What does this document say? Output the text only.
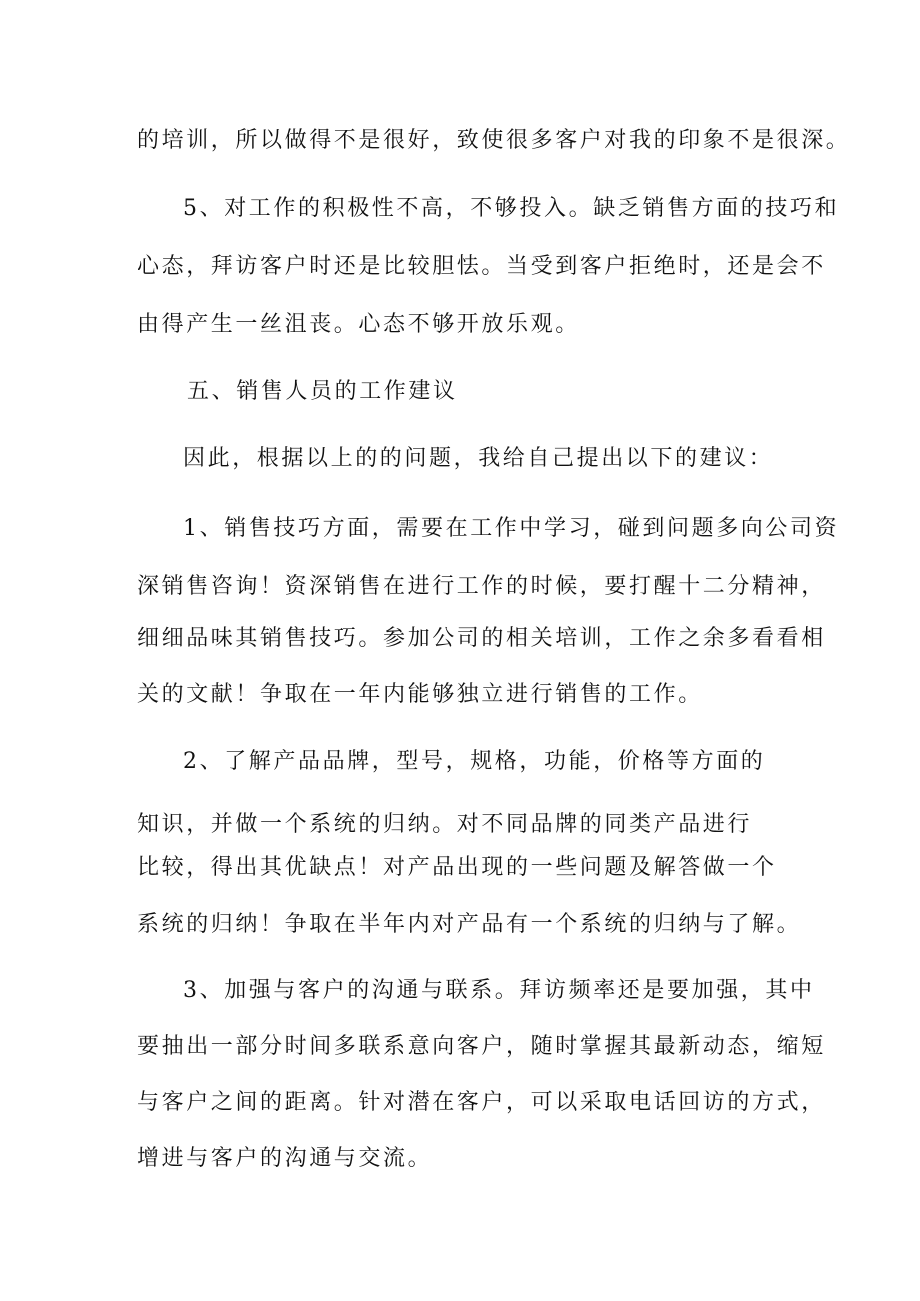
的培训，所以做得不是很好，致使很多客户对我的印象不是很深。
5、对工作的积极性不高，不够投入。缺乏销售方面的技巧和
心态，拜访客户时还是比较胆怯。当受到客户拒绝时，还是会不
由得产生一丝沮丧。心态不够开放乐观。
五、销售人员的工作建议
因此，根据以上的的问题，我给自己提出以下的建议：
1、销售技巧方面，需要在工作中学习，碰到问题多向公司资
深销售咨询！资深销售在进行工作的时候，要打醒十二分精神，
细细品味其销售技巧。参加公司的相关培训，工作之余多看看相
关的文献！争取在一年内能够独立进行销售的工作。
2、了解产品品牌，型号，规格，功能，价格等方面的
知识，并做一个系统的归纳。对不同品牌的同类产品进行
比较，得出其优缺点！对产品出现的一些问题及解答做一个
系统的归纳！争取在半年内对产品有一个系统的归纳与了解。
3、加强与客户的沟通与联系。拜访频率还是要加强，其中
要抽出一部分时间多联系意向客户，随时掌握其最新动态，缩短
与客户之间的距离。针对潜在客户，可以采取电话回访的方式，
增进与客户的沟通与交流。
